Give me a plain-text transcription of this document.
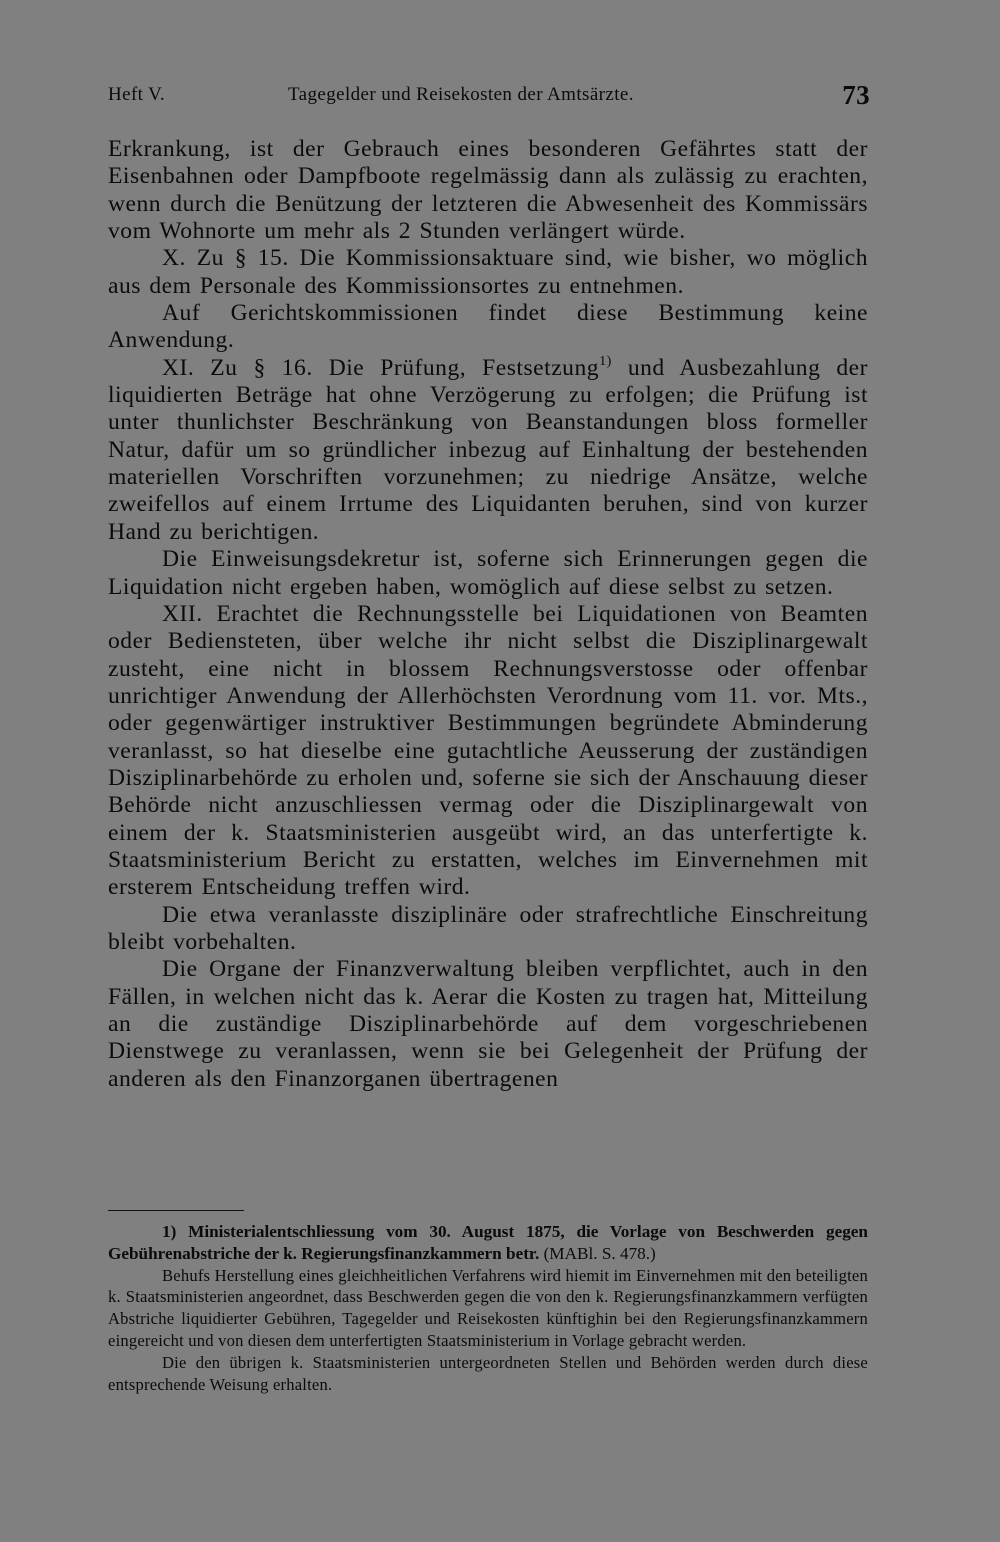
Heft V.	Tagegelder und Reisekosten der Amtsärzte.	73

Erkrankung, ist der Gebrauch eines besonderen Gefährtes statt der Eisenbahnen oder Dampfboote regelmässig dann als zulässig zu erachten, wenn durch die Benützung der letzteren die Abwesenheit des Kommissärs vom Wohnorte um mehr als 2 Stunden verlängert würde.

X. Zu § 15. Die Kommissionsaktuare sind, wie bisher, wo möglich aus dem Personale des Kommissionsortes zu entnehmen.

Auf Gerichtskommissionen findet diese Bestimmung keine Anwendung.

XI. Zu § 16. Die Prüfung, Festsetzung$^{1)}$ und Ausbezahlung der liquidierten Beträge hat ohne Verzögerung zu erfolgen; die Prüfung ist unter thunlichster Beschränkung von Beanstandungen bloss formeller Natur, dafür um so gründlicher inbezug auf Einhaltung der bestehenden materiellen Vorschriften vorzunehmen; zu niedrige Ansätze, welche zweifellos auf einem Irrtume des Liquidanten beruhen, sind von kurzer Hand zu berichtigen.

Die Einweisungsdekretur ist, soferne sich Erinnerungen gegen die Liquidation nicht ergeben haben, womöglich auf diese selbst zu setzen.

XII. Erachtet die Rechnungsstelle bei Liquidationen von Beamten oder Bediensteten, über welche ihr nicht selbst die Disziplinargewalt zusteht, eine nicht in blossem Rechnungsverstosse oder offenbar unrichtiger Anwendung der Allerhöchsten Verordnung vom 11. vor. Mts., oder gegenwärtiger instruktiver Bestimmungen begründete Abminderung veranlasst, so hat dieselbe eine gutachtliche Aeusserung der zuständigen Disziplinarbehörde zu erholen und, soferne sie sich der Anschauung dieser Behörde nicht anzuschliessen vermag oder die Disziplinargewalt von einem der k. Staatsministerien ausgeübt wird, an das unterfertigte k. Staatsministerium Bericht zu erstatten, welches im Einvernehmen mit ersterem Entscheidung treffen wird.

Die etwa veranlasste disziplinäre oder strafrechtliche Einschreitung bleibt vorbehalten.

Die Organe der Finanzverwaltung bleiben verpflichtet, auch in den Fällen, in welchen nicht das k. Aerar die Kosten zu tragen hat, Mitteilung an die zuständige Disziplinarbehörde auf dem vorgeschriebenen Dienstwege zu veranlassen, wenn sie bei Gelegenheit der Prüfung der anderen als den Finanzorganen übertragenen

1) Ministerialentschliessung vom 30. August 1875, die Vorlage von Beschwerden gegen Gebührenabstriche der k. Regierungsfinanzkammern betr. (MABl. S. 478.)

Behufs Herstellung eines gleichheitlichen Verfahrens wird hiemit im Einvernehmen mit den beteiligten k. Staatsministerien angeordnet, dass Beschwerden gegen die von den k. Regierungsfinanzkammern verfügten Abstriche liquidierter Gebühren, Tagegelder und Reisekosten künftighin bei den Regierungsfinanzkammern eingereicht und von diesen dem unterfertigten Staatsministerium in Vorlage gebracht werden.

Die den übrigen k. Staatsministerien untergeordneten Stellen und Behörden werden durch diese entsprechende Weisung erhalten.
